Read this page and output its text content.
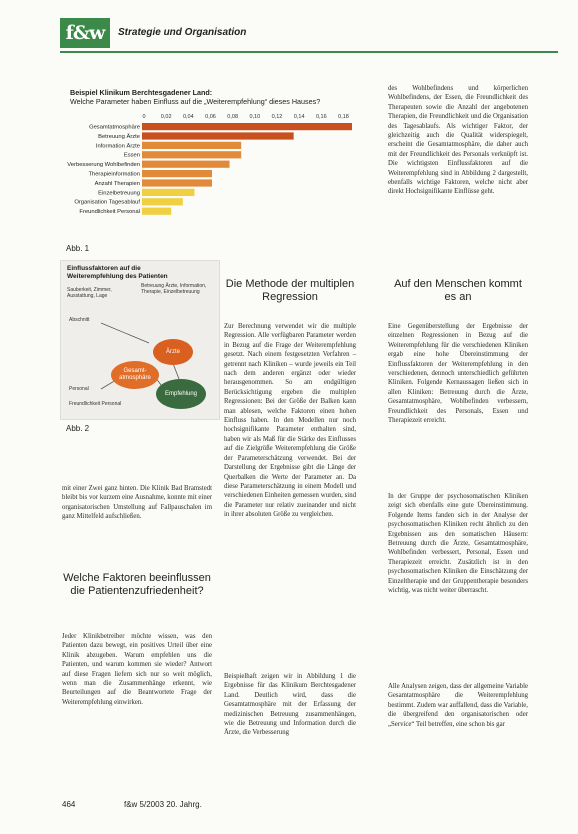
f&w	Strategie und Organisation
Beispiel Klinikum Berchtesgadener Land:
Welche Parameter haben Einfluss auf die „Weiterempfehlung“ dieses Hauses?
0	0,02 0,04 0,06 0,08 0,10 0,12 0,14 0,16 0,18
Gesamtatmosphäre
Betreuung Ärzte
Information Ärzte
Essen
Verbesserung Wohlbefinden
Therapieinformation
Anzahl Therapien
Einzelbetreuung
Organisation Tagesablauf
Freundlichkeit Personal
Abb. 1
Einflussfaktoren auf die Weiterempfehlung des Patienten
Sauberkeit, Zimmer, Ausstattung, Lage
Betreuung Ärzte, Information, Therapie, Einzelbetreuung
Abschnitt
Personal
Freundlichkeit Personal
Ärzte
Gesamt-atmosphäre
Empfehlung
Abb. 2
mit einer Zwei ganz hinten. Die Klinik Bad Bramstedt bleibt bis vor kurzem eine Ausnahme, konnte mit einer organisatorischen Umstellung auf Fallpauschalen im ganz Mittelfeld aufschließen.
Welche Faktoren beeinflussen die Patientenzufriedenheit?
Jeder Klinikbetreiber möchte wissen, was den Patienten dazu bewegt, ein positives Urteil über eine Klinik abzugeben. Warum empfehlen uns die Patienten, und warum kommen sie wieder? Antwort auf diese Fragen liefern sich nur so weit möglich, wenn man die Zusammenhänge erkennt, wie Beurteilungen auf die Beantwortete Frage der Weiterempfehlung einwirken.
Die Methode der multiplen Regression
Zur Berechnung verwendet wir die multiple Regression. Alle verfügbaren Parameter werden in Bezug auf die Frage der Weiterempfehlung gesetzt. Nach einem festgesetzten Verfahren – getrennt nach Kliniken – wurde jeweils ein Teil nach dem anderen ergänzt oder wieder herausgenommen. So am endgültigen Berücksichtigung ergeben die multiplen Regressionen: Bei der Größe der Balken kann man ablesen, welche Faktoren einen hohen Einfluss haben. In den Modellen nur noch hochsignifikante Parameter enthalten sind, haben wir als Maß für die Stärke des Einflusses auf die Zielgröße Weiterempfehlung die Größe der Parameterschätzung verwendet. Bei der Darstellung der Ergebnisse gibt die Länge der Querbalken die Werte der Parameter an. Da diese Parameterschätzung in einem Modell und verschiedenen Einheiten gemessen wurden, sind die Parameter nur relativ zueinander und nicht in ihrer absoluten Größe zu vergleichen.
Beispielhaft zeigen wir in Abbildung 1 die Ergebnisse für das Klinikum Berchtesgadener Land. Deutlich wird, dass die Gesamtatmosphäre mit der Erfassung der medizinischen Betreuung zusammenhängen, wie die Betreuung und Information durch die Ärzte, die Verbesserung
des Wohlbefindens und körperlichen Wohlbefindens, der Essen, die Freundlichkeit des Therapeuten sowie die Anzahl der angebotenen Therapien, die Freundlichkeit und die Organisation des Tagesablaufs. Als wichtiger Faktor, der gleichzeitig auch die Qualität widerspiegelt, erscheint die Gesamtatmosphäre, die daher auch mit der Freundlichkeit des Personals verknüpft ist. Die wichtigsten Einflussfaktoren auf die Weiterempfehlung sind in Abbildung 2 dargestellt, ebenfalls wichtige Faktoren, welche nicht aber direkt Hochsignifikante Einflüsse geht.
Auf den Menschen kommt es an
Eine Gegenüberstellung der Ergebnisse der einzelnen Regressionen in Bezug auf die Weiterempfehlung für die verschiedenen Kliniken ergab eine hohe Übereinstimmung der Einflussfaktoren der Weiterempfehlung in den verschiedenen, dennoch unterschiedlich geführten Kliniken. Folgende Kernaussagen ließen sich in allen Kliniken: Betreuung durch die Ärzte, Gesamtatmosphäre, Wohlbefinden verbessern, Freundlichkeit des Personals, Essen und Therapiezeit erreicht.
In der Gruppe der psychosomatischen Kliniken zeigt sich ebenfalls eine gute Übereinstimmung. Folgende Items fanden sich in der Analyse der psychosomatischen Kliniken recht ähnlich zu den Ergebnissen aus den somatischen Häusern: Betreuung durch die Ärzte, Gesamtatmosphäre, Wohlbefinden verbessert, Personal, Essen und Therapiezeit erreicht. Zusätzlich ist in den psychosomatischen Kliniken die Einschätzung der Einzeltherapie und der Gruppentherapie besonders wichtig, was nicht weiter überrascht.
Alle Analysen zeigen, dass der allgemeine Variable Gesamtatmosphäre die Weiterempfehlung bestimmt. Zudem war auffallend, dass die Variable, die übergreifend den organisatorischen oder „Service“ Teil betreffen, eine schon bis gar
464	f&w 5/2003 20. Jahrg.
